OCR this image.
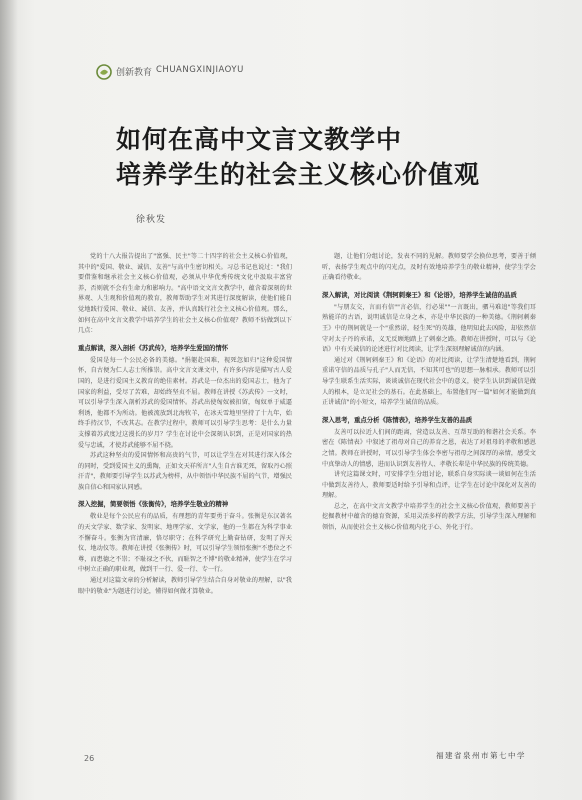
创新教育 CHUANGXINJIAOYU
如何在高中文言文教学中
培养学生的社会主义核心价值观
徐秋发

党的十八大报告提出了"富强、民主"等二十四字的社会主义核心价值观，其中的"爱国、敬业、诚信、友善"与高中生密切相关。习总书记也说过："我们要借鉴和继承社会主义核心价值观，必须从中华优秀传统文化中汲取丰富营养，否则就不会有生命力和影响力。"高中语文文言文教学中，蕴含着深刻的世界观、人生观和价值观的教育，教师帮助学生对其进行深度解读，使他们能自觉地践行爱国、敬业、诚信、友善，并认真践行社会主义核心价值观。那么，如何在高中文言文教学中培养学生的社会主义核心价值观？教师不妨做到以下几点：

重点解读，深入剖析《苏武传》，培养学生爱国的情怀

爱国是每一个公民必备的美德。"捐躯赴国难，视死忽如归"这种爱国情怀，自古便为仁人志士所推崇。高中文言文课文中，有许多内容是描写古人爱国的，是进行爱国主义教育的绝佳素材。苏武是一位杰出的爱国志士，他为了国家的利益，受尽了苦难，却始终坚贞不屈。教师在讲授《苏武传》一文时，可以引导学生深入剖析苏武的爱国情怀。苏武出使匈奴被扣留，匈奴单于威逼利诱，他都不为所动。他被流放到北海牧羊，在冰天雪地里坚持了十九年，始终手持汉节，不改其志。在教学过程中，教师可以引导学生思考：是什么力量支撑着苏武度过这漫长的岁月？学生在讨论中会深刻认识到，正是对国家的热爱与忠诚，才使苏武能够不屈不挠。

苏武这种坚贞的爱国情怀和高贵的气节，可以让学生在对其进行深入体会的同时，受到爱国主义的熏陶，正如文天祥所言"人生自古谁无死，留取丹心照汗青"，教师要引导学生以苏武为榜样，从中领悟中华民族不屈的气节，增强民族自信心和国家认同感。

深入挖掘，简要领悟《张衡传》，培养学生敬业的精神

敬业是每个公民应有的品质，有理想的青年要勇于奋斗。张衡是东汉著名的天文学家、数学家、发明家、地理学家、文学家，他的一生都在为科学事业不懈奋斗。张衡为官清廉，恪尽职守；在科学研究上勤奋钻研，发明了浑天仪、地动仪等。教师在讲授《张衡传》时，可以引导学生领悟张衡"不患位之不尊，而患德之不崇；不耻禄之不伙，而耻智之不博"的敬业精神，使学生在学习中树立正确的职业观，做到干一行、爱一行、专一行。

通过对这篇文章的分析解读，教师引导学生结合自身对敬业的理解，以"我眼中的敬业"为题进行讨论，懂得如何做才算敬业。

题，让他们分组讨论，发表不同的见解。教师要学会换位思考，要善于倾听，表扬学生观点中的闪光点，及时有效地培养学生的敬业精神，使学生学会正确看待敬业。

深入解读，对比阅读《荆轲刺秦王》和《论语》，培养学生诚信的品质

"与朋友交，言而有信""言必信，行必果""一言既出，驷马难追"等我们耳熟能详的古语，说明诚信是立身之本，亦是中华民族的一种美德。《荆轲刺秦王》中的荆轲就是一个"重然诺，轻生死"的英雄，他明知此去凶险，却依然信守对太子丹的承诺，义无反顾地踏上了刺秦之路。教师在讲授时，可以与《论语》中有关诚信的论述进行对比阅读，让学生深刻理解诚信的内涵。

通过对《荆轲刺秦王》和《论语》的对比阅读，让学生清楚地看到，荆轲重诺守信的品质与孔子"人而无信，不知其可也"的思想一脉相承。教师可以引导学生联系生活实际，谈谈诚信在现代社会中的意义，使学生认识到诚信是做人的根本，是立足社会的基石。在此基础上，布置他们写一篇"如何才能做到真正讲诚信"的小短文，培养学生诚信的品质。

深入思考，重点分析《陈情表》，培养学生友善的品质

友善可以拉近人们间的距离，营造以友善、互帮互助的和谐社会关系。李密在《陈情表》中叙述了祖母对自己的养育之恩，表达了对祖母的孝敬和感恩之情。教师在讲授时，可以引导学生体会李密与祖母之间深厚的亲情，感受文中真挚动人的情感，进而认识到友善待人、孝敬长辈是中华民族的传统美德。

讲究这篇课文时，可安排学生分组讨论，联系自身实际谈一谈如何在生活中做到友善待人，教师要适时给予引导和点评，让学生在讨论中深化对友善的理解。

总之，在高中文言文教学中培养学生的社会主义核心价值观，教师要善于挖掘教材中蕴含的德育资源，采用灵活多样的教学方法，引导学生深入理解和领悟，从而使社会主义核心价值观内化于心、外化于行。

26	福建省泉州市第七中学
